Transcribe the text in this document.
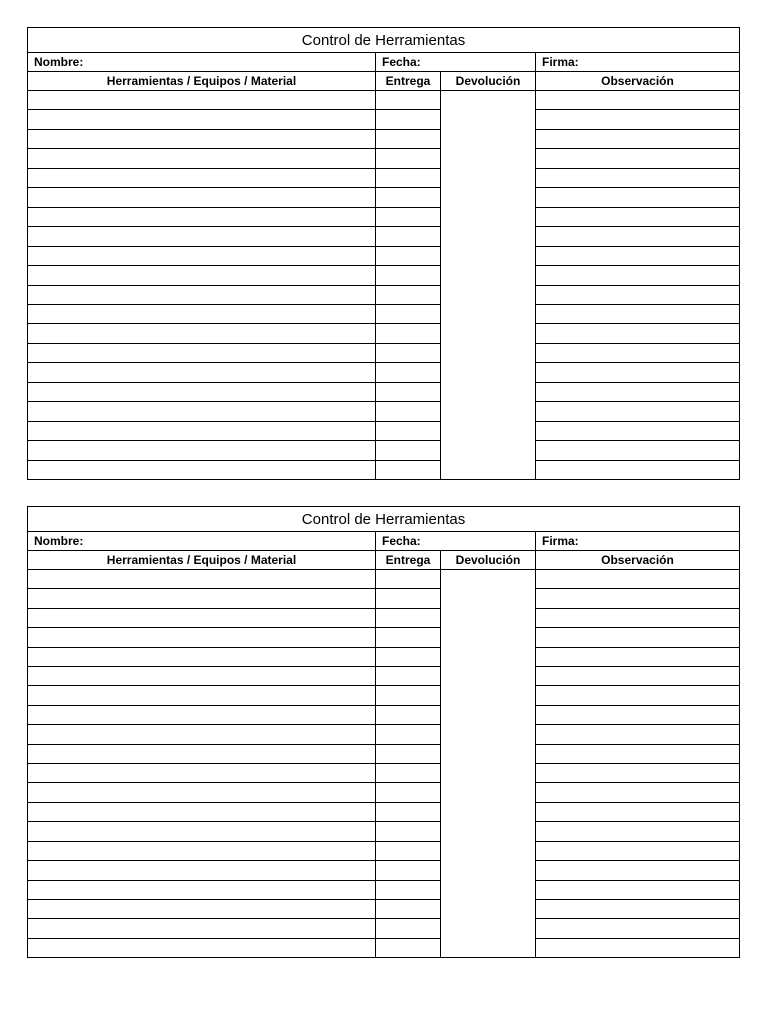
Control de Herramientas
Nombre:	Fecha:	Firma:
Herramientas / Equipos / Material	Entrega	Devolución	Observación
Control de Herramientas
Nombre:	Fecha:	Firma:
Herramientas / Equipos / Material	Entrega	Devolución	Observación
